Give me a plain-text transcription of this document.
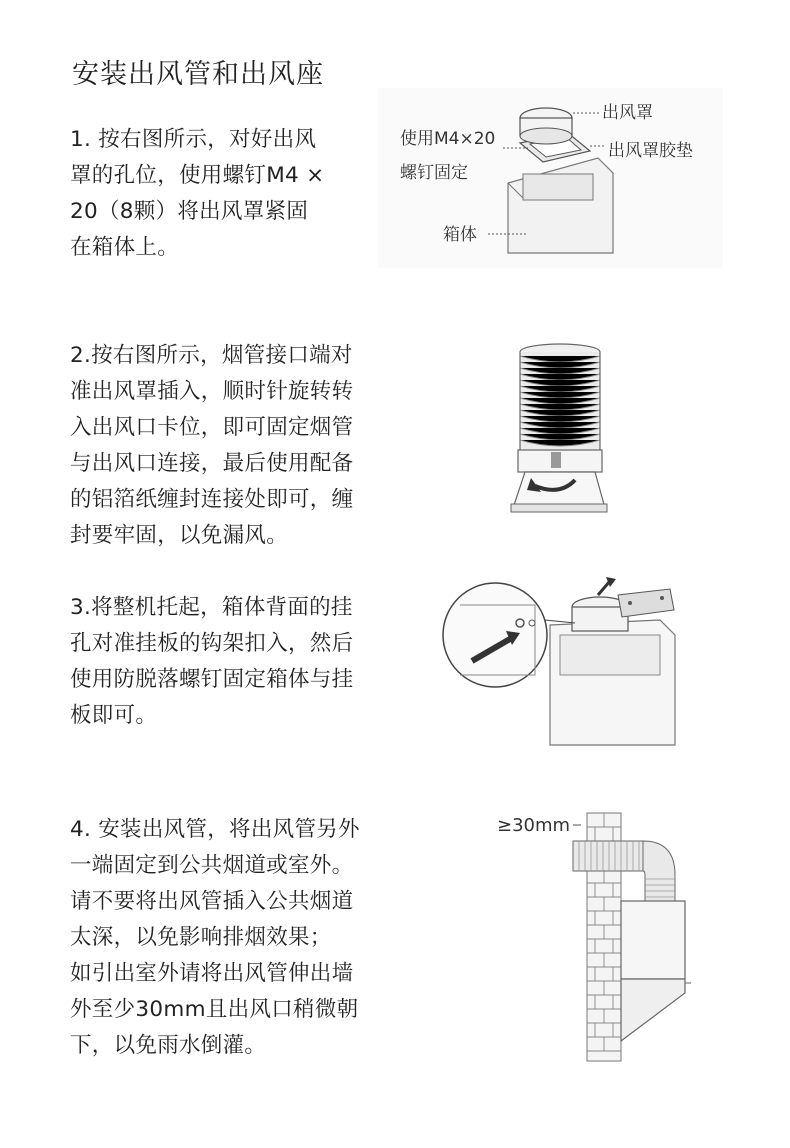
安装出风管和出风座
1. 按右图所示，对好出风
罩的孔位，使用螺钉M4 ×
20（8颗）将出风罩紧固
在箱体上。
出风罩
出风罩胶垫
使用M4×20
螺钉固定
箱体
2.按右图所示，烟管接口端对
准出风罩插入，顺时针旋转转
入出风口卡位，即可固定烟管
与出风口连接，最后使用配备
的铝箔纸缠封连接处即可，缠
封要牢固，以免漏风。
3.将整机托起，箱体背面的挂
孔对准挂板的钩架扣入，然后
使用防脱落螺钉固定箱体与挂
板即可。
4. 安装出风管，将出风管另外
一端固定到公共烟道或室外。
请不要将出风管插入公共烟道
太深，以免影响排烟效果；
如引出室外请将出风管伸出墙
外至少30mm且出风口稍微朝
下，以免雨水倒灌。
≥30mm
